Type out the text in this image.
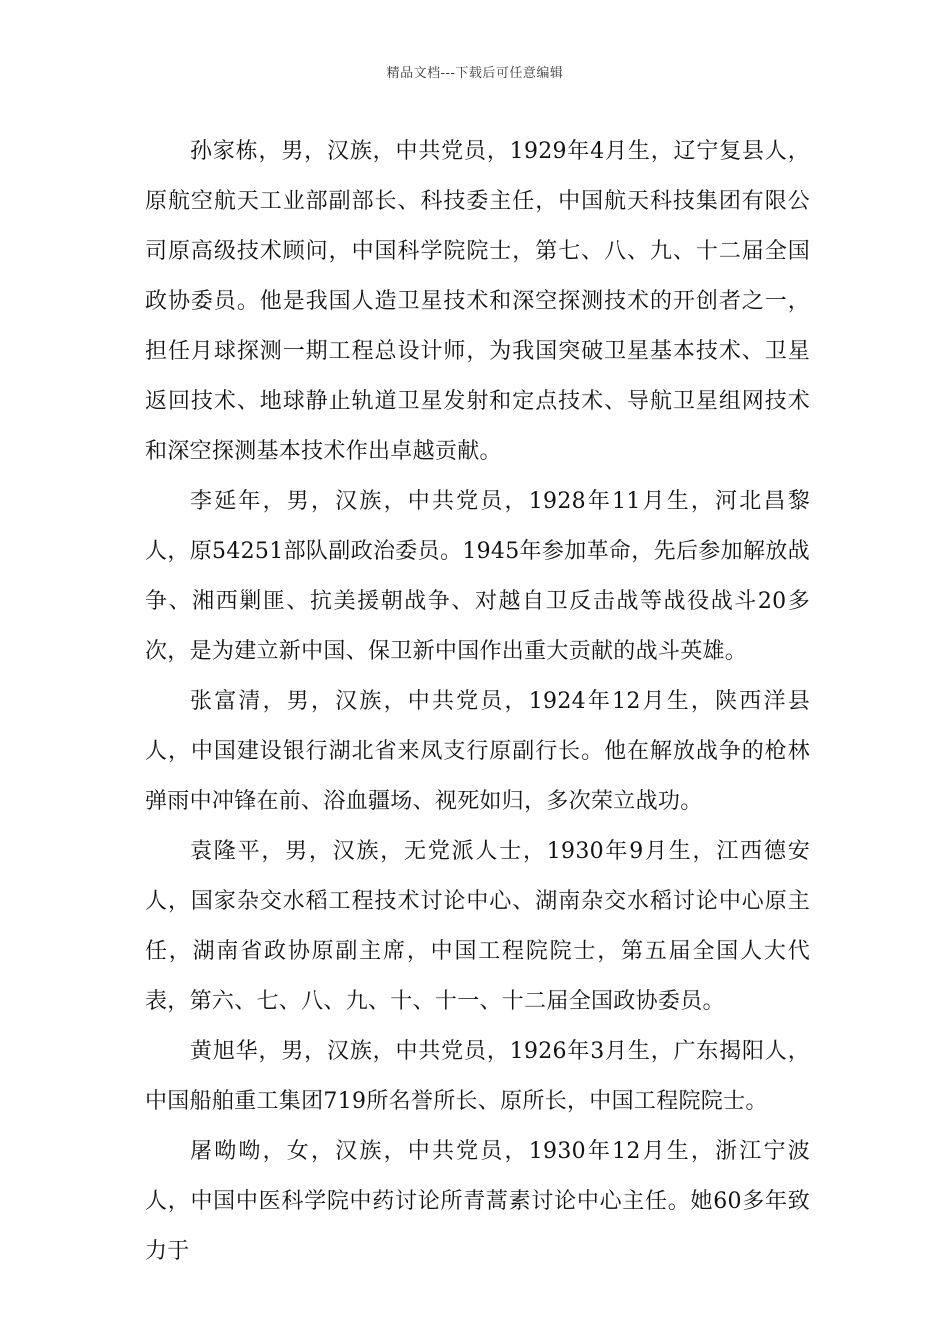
精品文档---下载后可任意编辑

孙家栋，男，汉族，中共党员，1929年4月生，辽宁复县人，原航空航天工业部副部长、科技委主任，中国航天科技集团有限公司原高级技术顾问，中国科学院院士，第七、八、九、十二届全国政协委员。他是我国人造卫星技术和深空探测技术的开创者之一，担任月球探测一期工程总设计师，为我国突破卫星基本技术、卫星返回技术、地球静止轨道卫星发射和定点技术、导航卫星组网技术和深空探测基本技术作出卓越贡献。

李延年，男，汉族，中共党员，1928年11月生，河北昌黎人，原54251部队副政治委员。1945年参加革命，先后参加解放战争、湘西剿匪、抗美援朝战争、对越自卫反击战等战役战斗20多次，是为建立新中国、保卫新中国作出重大贡献的战斗英雄。

张富清，男，汉族，中共党员，1924年12月生，陕西洋县人，中国建设银行湖北省来凤支行原副行长。他在解放战争的枪林弹雨中冲锋在前、浴血疆场、视死如归，多次荣立战功。

袁隆平，男，汉族，无党派人士，1930年9月生，江西德安人，国家杂交水稻工程技术讨论中心、湖南杂交水稻讨论中心原主任，湖南省政协原副主席，中国工程院院士，第五届全国人大代表，第六、七、八、九、十、十一、十二届全国政协委员。

黄旭华，男，汉族，中共党员，1926年3月生，广东揭阳人，中国船舶重工集团719所名誉所长、原所长，中国工程院院士。

屠呦呦，女，汉族，中共党员，1930年12月生，浙江宁波人，中国中医科学院中药讨论所青蒿素讨论中心主任。她60多年致力于
